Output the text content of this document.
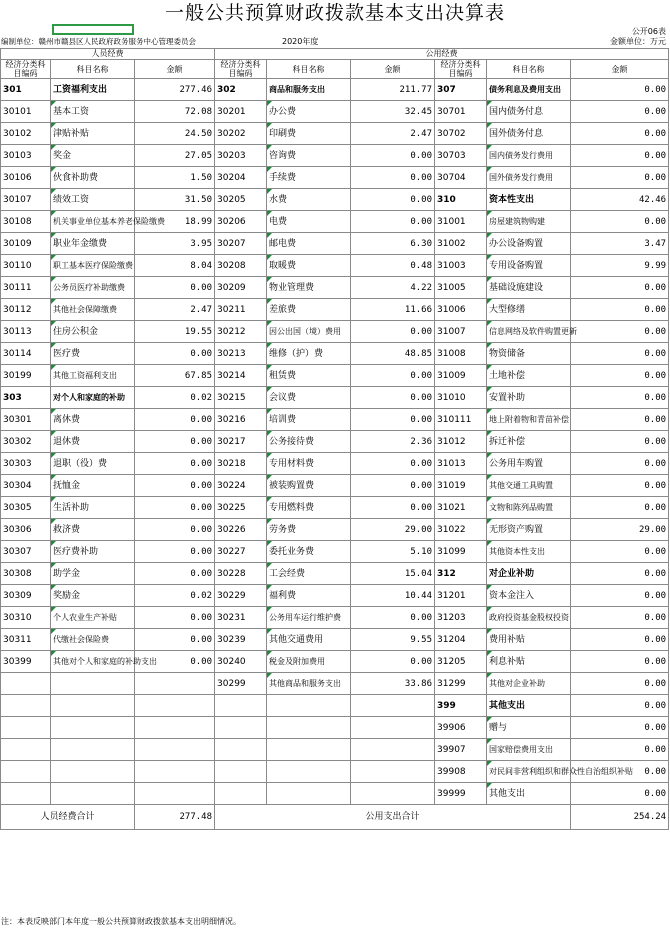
一般公共预算财政拨款基本支出决算表
公开06表
编制单位：赣州市赣县区人民政府政务服务中心管理委员会	2020年度	金额单位：万元
人员经费			公用经费					
经济分类科目编码	科目名称	金额	经济分类科目编码	科目名称	金额	经济分类科目编码	科目名称	金额
301	工资福利支出	277.46	302	商品和服务支出	211.77	307	债务利息及费用支出	0.00
30101	基本工资	72.08	30201	办公费	32.45	30701	国内债务付息	0.00
30102	津贴补贴	24.50	30202	印刷费	2.47	30702	国外债务付息	0.00
30103	奖金	27.05	30203	咨询费	0.00	30703	国内债务发行费用	0.00
30106	伙食补助费	1.50	30204	手续费	0.00	30704	国外债务发行费用	0.00
30107	绩效工资	31.50	30205	水费	0.00	310	资本性支出	42.46
30108	机关事业单位基本养老保险缴费	18.99	30206	电费	0.00	31001	房屋建筑物购建	0.00
30109	职业年金缴费	3.95	30207	邮电费	6.30	31002	办公设备购置	3.47
30110	职工基本医疗保险缴费	8.04	30208	取暖费	0.48	31003	专用设备购置	9.99
30111	公务员医疗补助缴费	0.00	30209	物业管理费	4.22	31005	基础设施建设	0.00
30112	其他社会保障缴费	2.47	30211	差旅费	11.66	31006	大型修缮	0.00
30113	住房公积金	19.55	30212	因公出国（境）费用	0.00	31007	信息网络及软件购置更新	0.00
30114	医疗费	0.00	30213	维修（护）费	48.85	31008	物资储备	0.00
30199	其他工资福利支出	67.85	30214	租赁费	0.00	31009	土地补偿	0.00
303	对个人和家庭的补助	0.02	30215	会议费	0.00	31010	安置补助	0.00
30301	离休费	0.00	30216	培训费	0.00	310111	地上附着物和青苗补偿	0.00
30302	退休费	0.00	30217	公务接待费	2.36	31012	拆迁补偿	0.00
30303	退职（役）费	0.00	30218	专用材料费	0.00	31013	公务用车购置	0.00
30304	抚恤金	0.00	30224	被装购置费	0.00	31019	其他交通工具购置	0.00
30305	生活补助	0.00	30225	专用燃料费	0.00	31021	文物和陈列品购置	0.00
30306	救济费	0.00	30226	劳务费	29.00	31022	无形资产购置	29.00
30307	医疗费补助	0.00	30227	委托业务费	5.10	31099	其他资本性支出	0.00
30308	助学金	0.00	30228	工会经费	15.04	312	对企业补助	0.00
30309	奖励金	0.02	30229	福利费	10.44	31201	资本金注入	0.00
30310	个人农业生产补贴	0.00	30231	公务用车运行维护费	0.00	31203	政府投资基金股权投资	0.00
30311	代缴社会保险费	0.00	30239	其他交通费用	9.55	31204	费用补贴	0.00
30399	其他对个人和家庭的补助支出	0.00	30240	税金及附加费用	0.00	31205	利息补贴	0.00
			30299	其他商品和服务支出	33.86	31299	其他对企业补助	0.00
						399	其他支出	0.00
						39906	赠与	0.00
						39907	国家赔偿费用支出	0.00
						39908	对民间非营利组织和群众性自治组织补贴	0.00
						39999	其他支出	0.00
人员经费合计		277.48	公用支出合计					254.24
注：本表反映部门本年度一般公共预算财政拨款基本支出明细情况。
